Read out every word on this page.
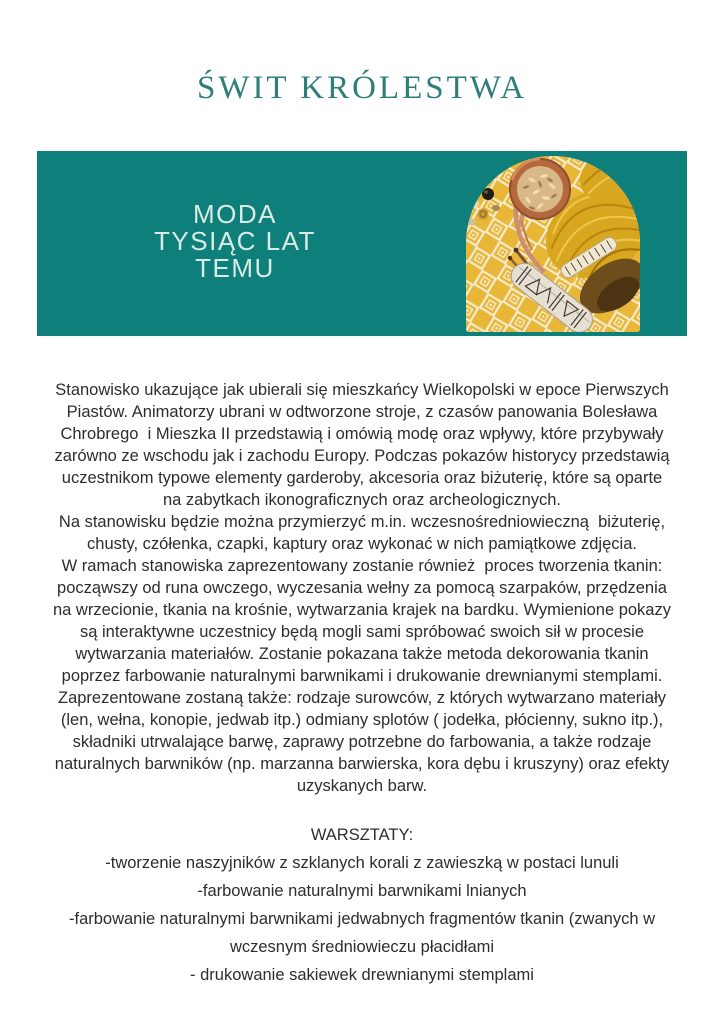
ŚWIT KRÓLESTWA
MODA
TYSIĄC LAT
TEMU
Stanowisko ukazujące jak ubierali się mieszkańcy Wielkopolski w epoce Pierwszych
Piastów. Animatorzy ubrani w odtworzone stroje, z czasów panowania Bolesława
Chrobrego  i Mieszka II przedstawią i omówią modę oraz wpływy, które przybywały
zarówno ze wschodu jak i zachodu Europy. Podczas pokazów historycy przedstawią
uczestnikom typowe elementy garderoby, akcesoria oraz biżuterię, które są oparte
na zabytkach ikonograficznych oraz archeologicznych.
Na stanowisku będzie można przymierzyć m.in. wczesnośredniowieczną  biżuterię,
chusty, czółenka, czapki, kaptury oraz wykonać w nich pamiątkowe zdjęcia.
W ramach stanowiska zaprezentowany zostanie również  proces tworzenia tkanin:
począwszy od runa owczego, wyczesania wełny za pomocą szarpaków, przędzenia
na wrzecionie, tkania na krośnie, wytwarzania krajek na bardku. Wymienione pokazy
są interaktywne uczestnicy będą mogli sami spróbować swoich sił w procesie
wytwarzania materiałów. Zostanie pokazana także metoda dekorowania tkanin
poprzez farbowanie naturalnymi barwnikami i drukowanie drewnianymi stemplami.
Zaprezentowane zostaną także: rodzaje surowców, z których wytwarzano materiały
(len, wełna, konopie, jedwab itp.) odmiany splotów ( jodełka, płócienny, sukno itp.),
składniki utrwalające barwę, zaprawy potrzebne do farbowania, a także rodzaje
naturalnych barwników (np. marzanna barwierska, kora dębu i kruszyny) oraz efekty
uzyskanych barw.
WARSZTATY:
-tworzenie naszyjników z szklanych korali z zawieszką w postaci lunuli
-farbowanie naturalnymi barwnikami lnianych
-farbowanie naturalnymi barwnikami jedwabnych fragmentów tkanin (zwanych w
wczesnym średniowieczu płacidłami
- drukowanie sakiewek drewnianymi stemplami
